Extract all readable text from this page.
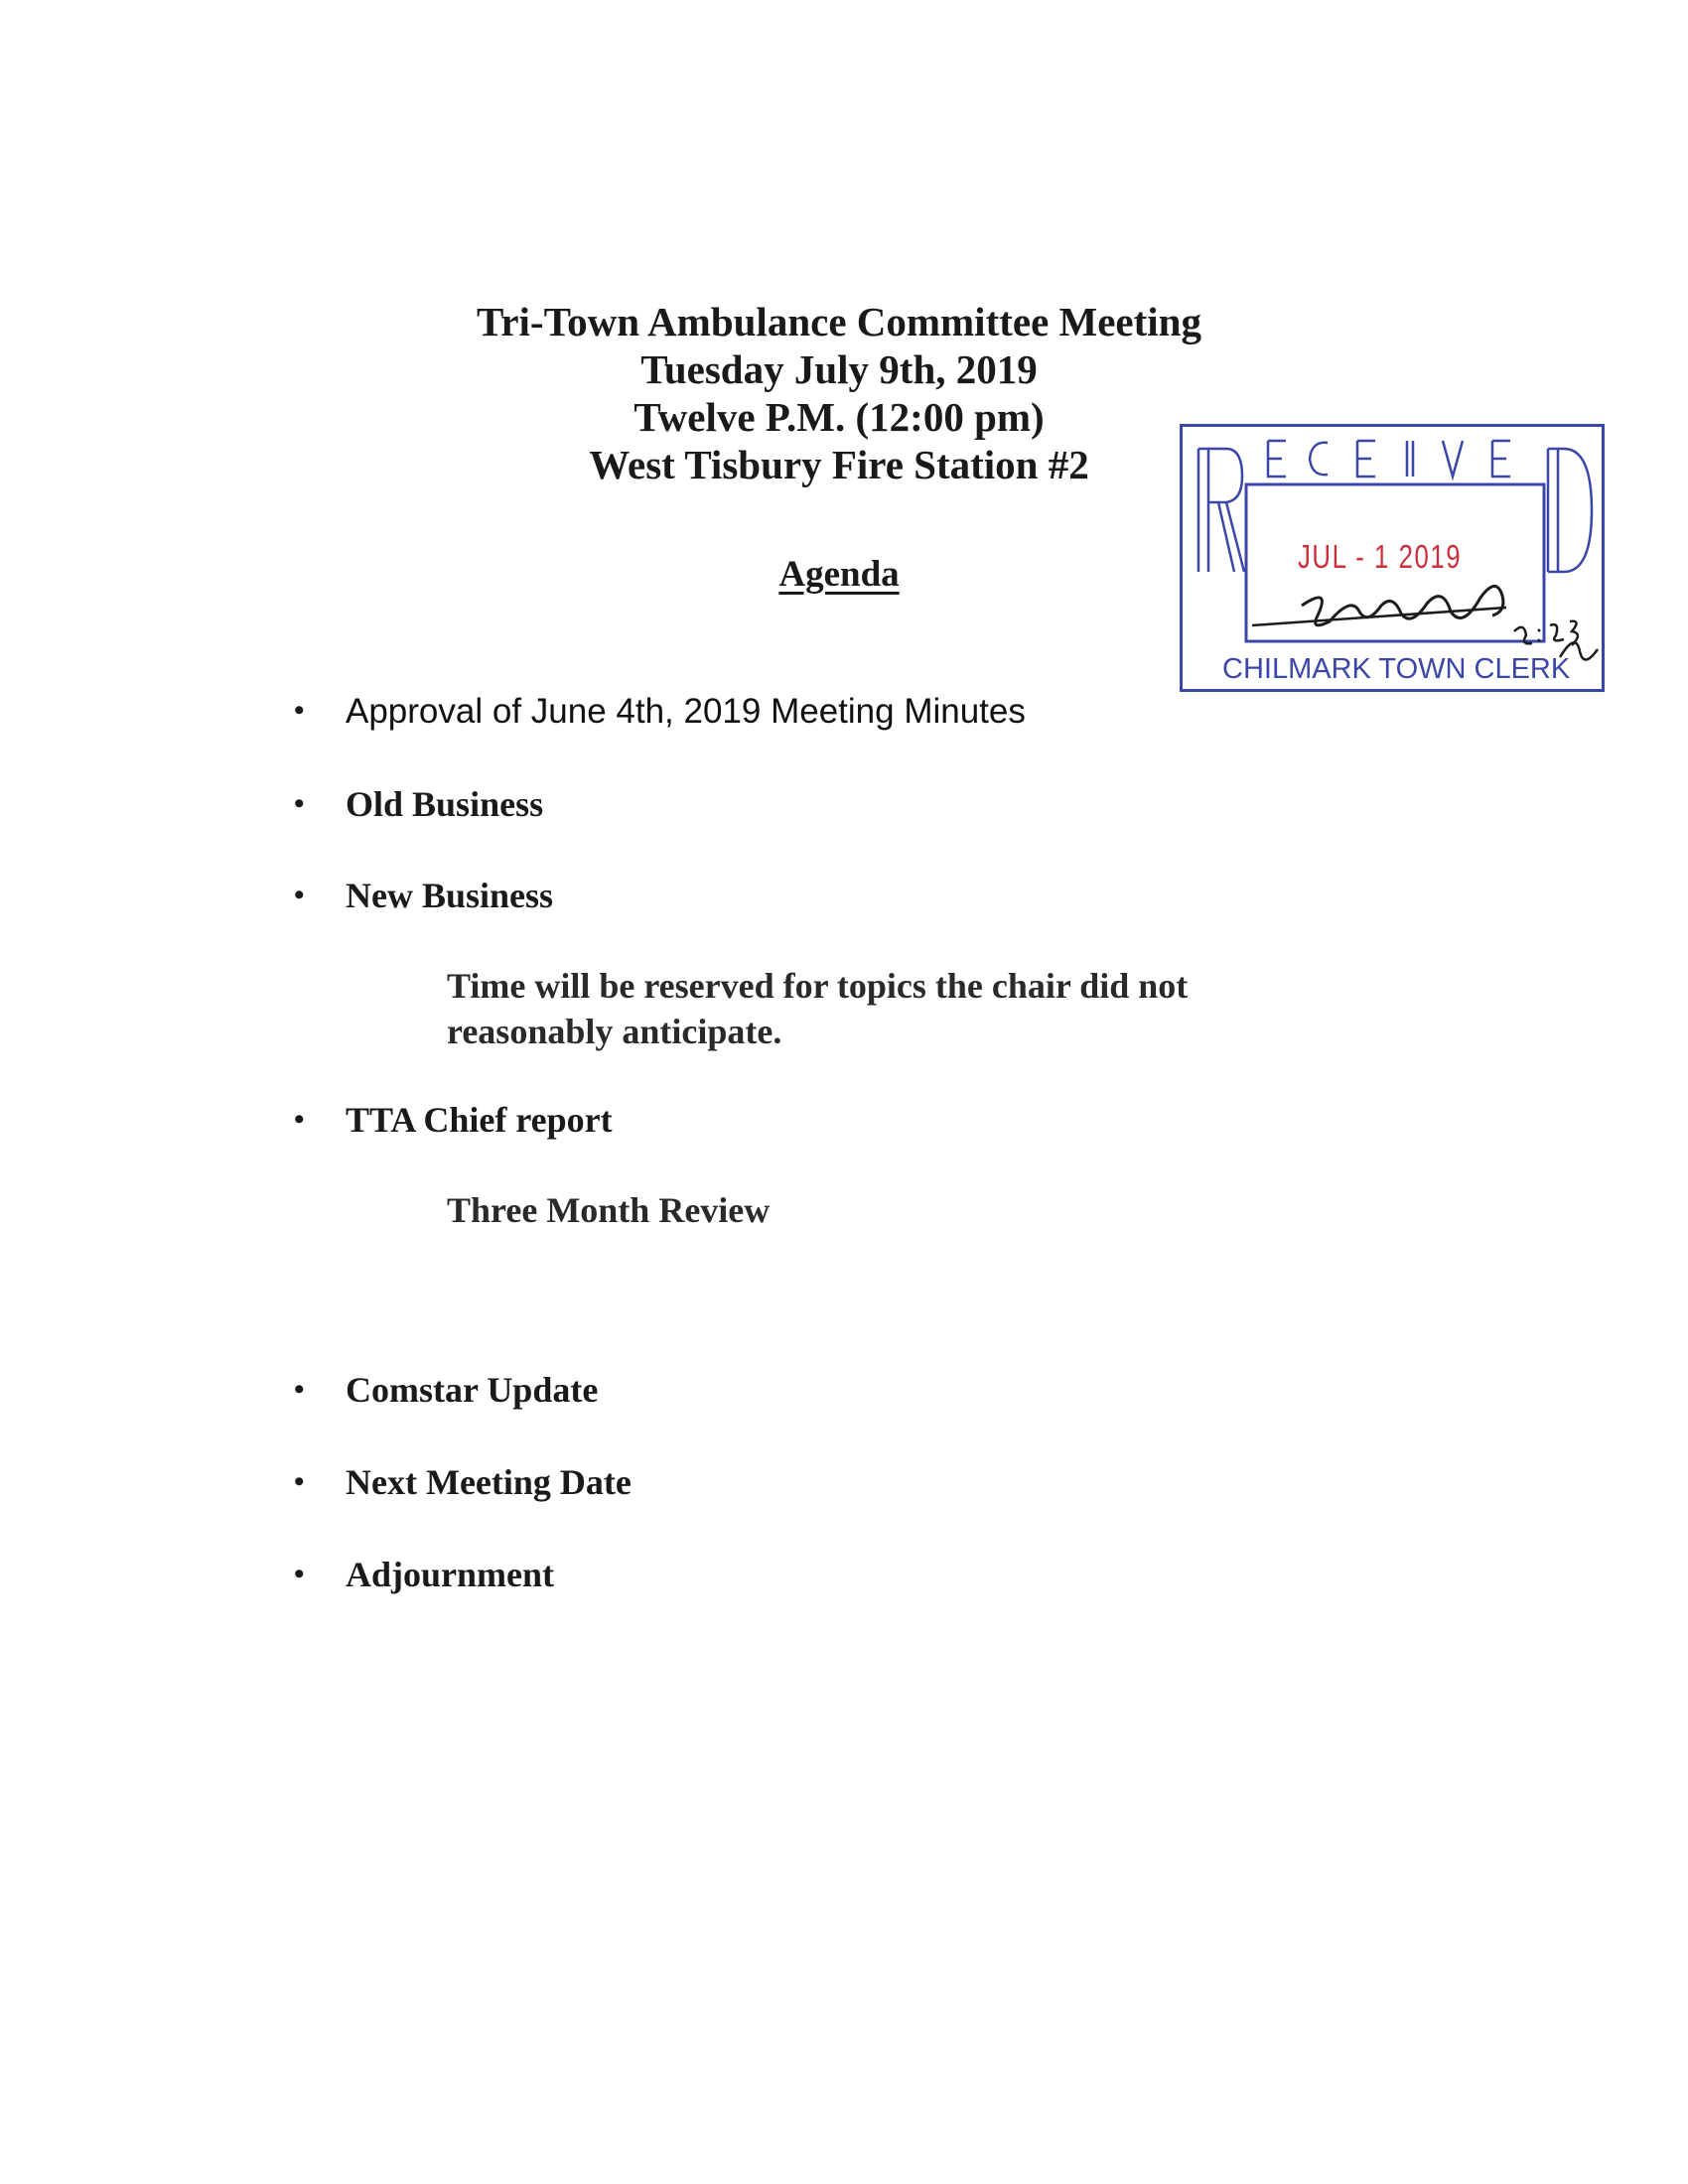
Tri-Town Ambulance Committee Meeting
Tuesday July 9th, 2019
Twelve P.M. (12:00 pm)
West Tisbury Fire Station #2
Agenda
• Approval of June 4th, 2019 Meeting Minutes
• Old Business
• New Business
Time will be reserved for topics the chair did not
reasonably anticipate.
• TTA Chief report
Three Month Review
• Comstar Update
• Next Meeting Date
• Adjournment
JUL - 1 2019
CHILMARK TOWN CLERK
